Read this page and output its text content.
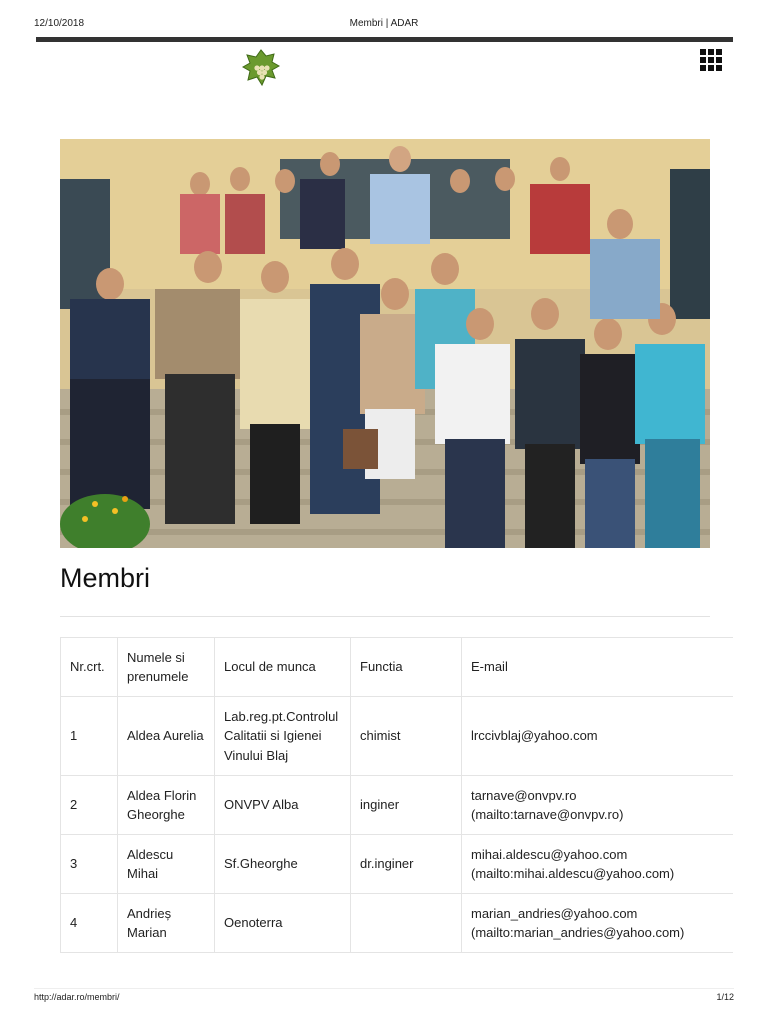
12/10/2018	Membri | ADAR
Membri
Nr.crt.	Numele si prenumele	Locul de munca	Functia	E-mail
1	Aldea Aurelia	Lab.reg.pt.Controlul Calitatii si Igienei Vinului Blaj	chimist	lrccivblaj@yahoo.com
2	Aldea Florin Gheorghe	ONVPV Alba	inginer	tarnave@onvpv.ro (mailto:tarnave@onvpv.ro)
3	Aldescu Mihai	Sf.Gheorghe	dr.inginer	mihai.aldescu@yahoo.com (mailto:mihai.aldescu@yahoo.com)
4	Andrieș Marian	Oenoterra		marian_andries@yahoo.com (mailto:marian_andries@yahoo.com)
http://adar.ro/membri/	1/12
